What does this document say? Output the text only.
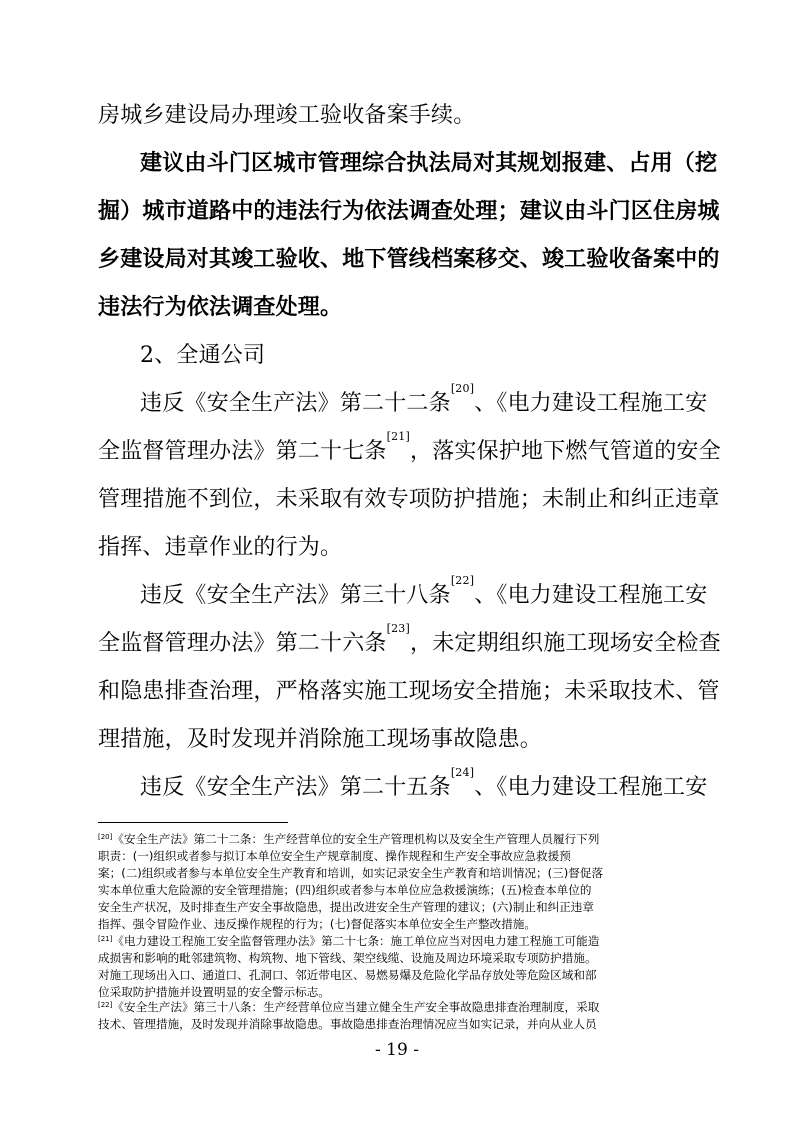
房城乡建设局办理竣工验收备案手续。
建议由斗门区城市管理综合执法局对其规划报建、占用（挖
掘）城市道路中的违法行为依法调查处理；建议由斗门区住房城
乡建设局对其竣工验收、地下管线档案移交、竣工验收备案中的
违法行为依法调查处理。
2、全通公司
违反《安全生产法》第二十二条[20]、《电力建设工程施工安
全监督管理办法》第二十七条[21]，落实保护地下燃气管道的安全
管理措施不到位，未采取有效专项防护措施；未制止和纠正违章
指挥、违章作业的行为。
违反《安全生产法》第三十八条[22]、《电力建设工程施工安
全监督管理办法》第二十六条[23]，未定期组织施工现场安全检查
和隐患排查治理，严格落实施工现场安全措施；未采取技术、管
理措施，及时发现并消除施工现场事故隐患。
违反《安全生产法》第二十五条[24]、《电力建设工程施工安
[20]《安全生产法》第二十二条：生产经营单位的安全生产管理机构以及安全生产管理人员履行下列
职责：(一)组织或者参与拟订本单位安全生产规章制度、操作规程和生产安全事故应急救援预
案；(二)组织或者参与本单位安全生产教育和培训，如实记录安全生产教育和培训情况；(三)督促落
实本单位重大危险源的安全管理措施；(四)组织或者参与本单位应急救援演练；(五)检查本单位的
安全生产状况，及时排查生产安全事故隐患，提出改进安全生产管理的建议；(六)制止和纠正违章
指挥、强令冒险作业、违反操作规程的行为；(七)督促落实本单位安全生产整改措施。
[21]《电力建设工程施工安全监督管理办法》第二十七条：施工单位应当对因电力建工程施工可能造
成损害和影响的毗邻建筑物、构筑物、地下管线、架空线缆、设施及周边环境采取专项防护措施。
对施工现场出入口、通道口、孔洞口、邻近带电区、易燃易爆及危险化学品存放处等危险区域和部
位采取防护措施并设置明显的安全警示标志。
[22]《安全生产法》第三十八条：生产经营单位应当建立健全生产安全事故隐患排查治理制度，采取
技术、管理措施，及时发现并消除事故隐患。事故隐患排查治理情况应当如实记录，并向从业人员
- 19 -
